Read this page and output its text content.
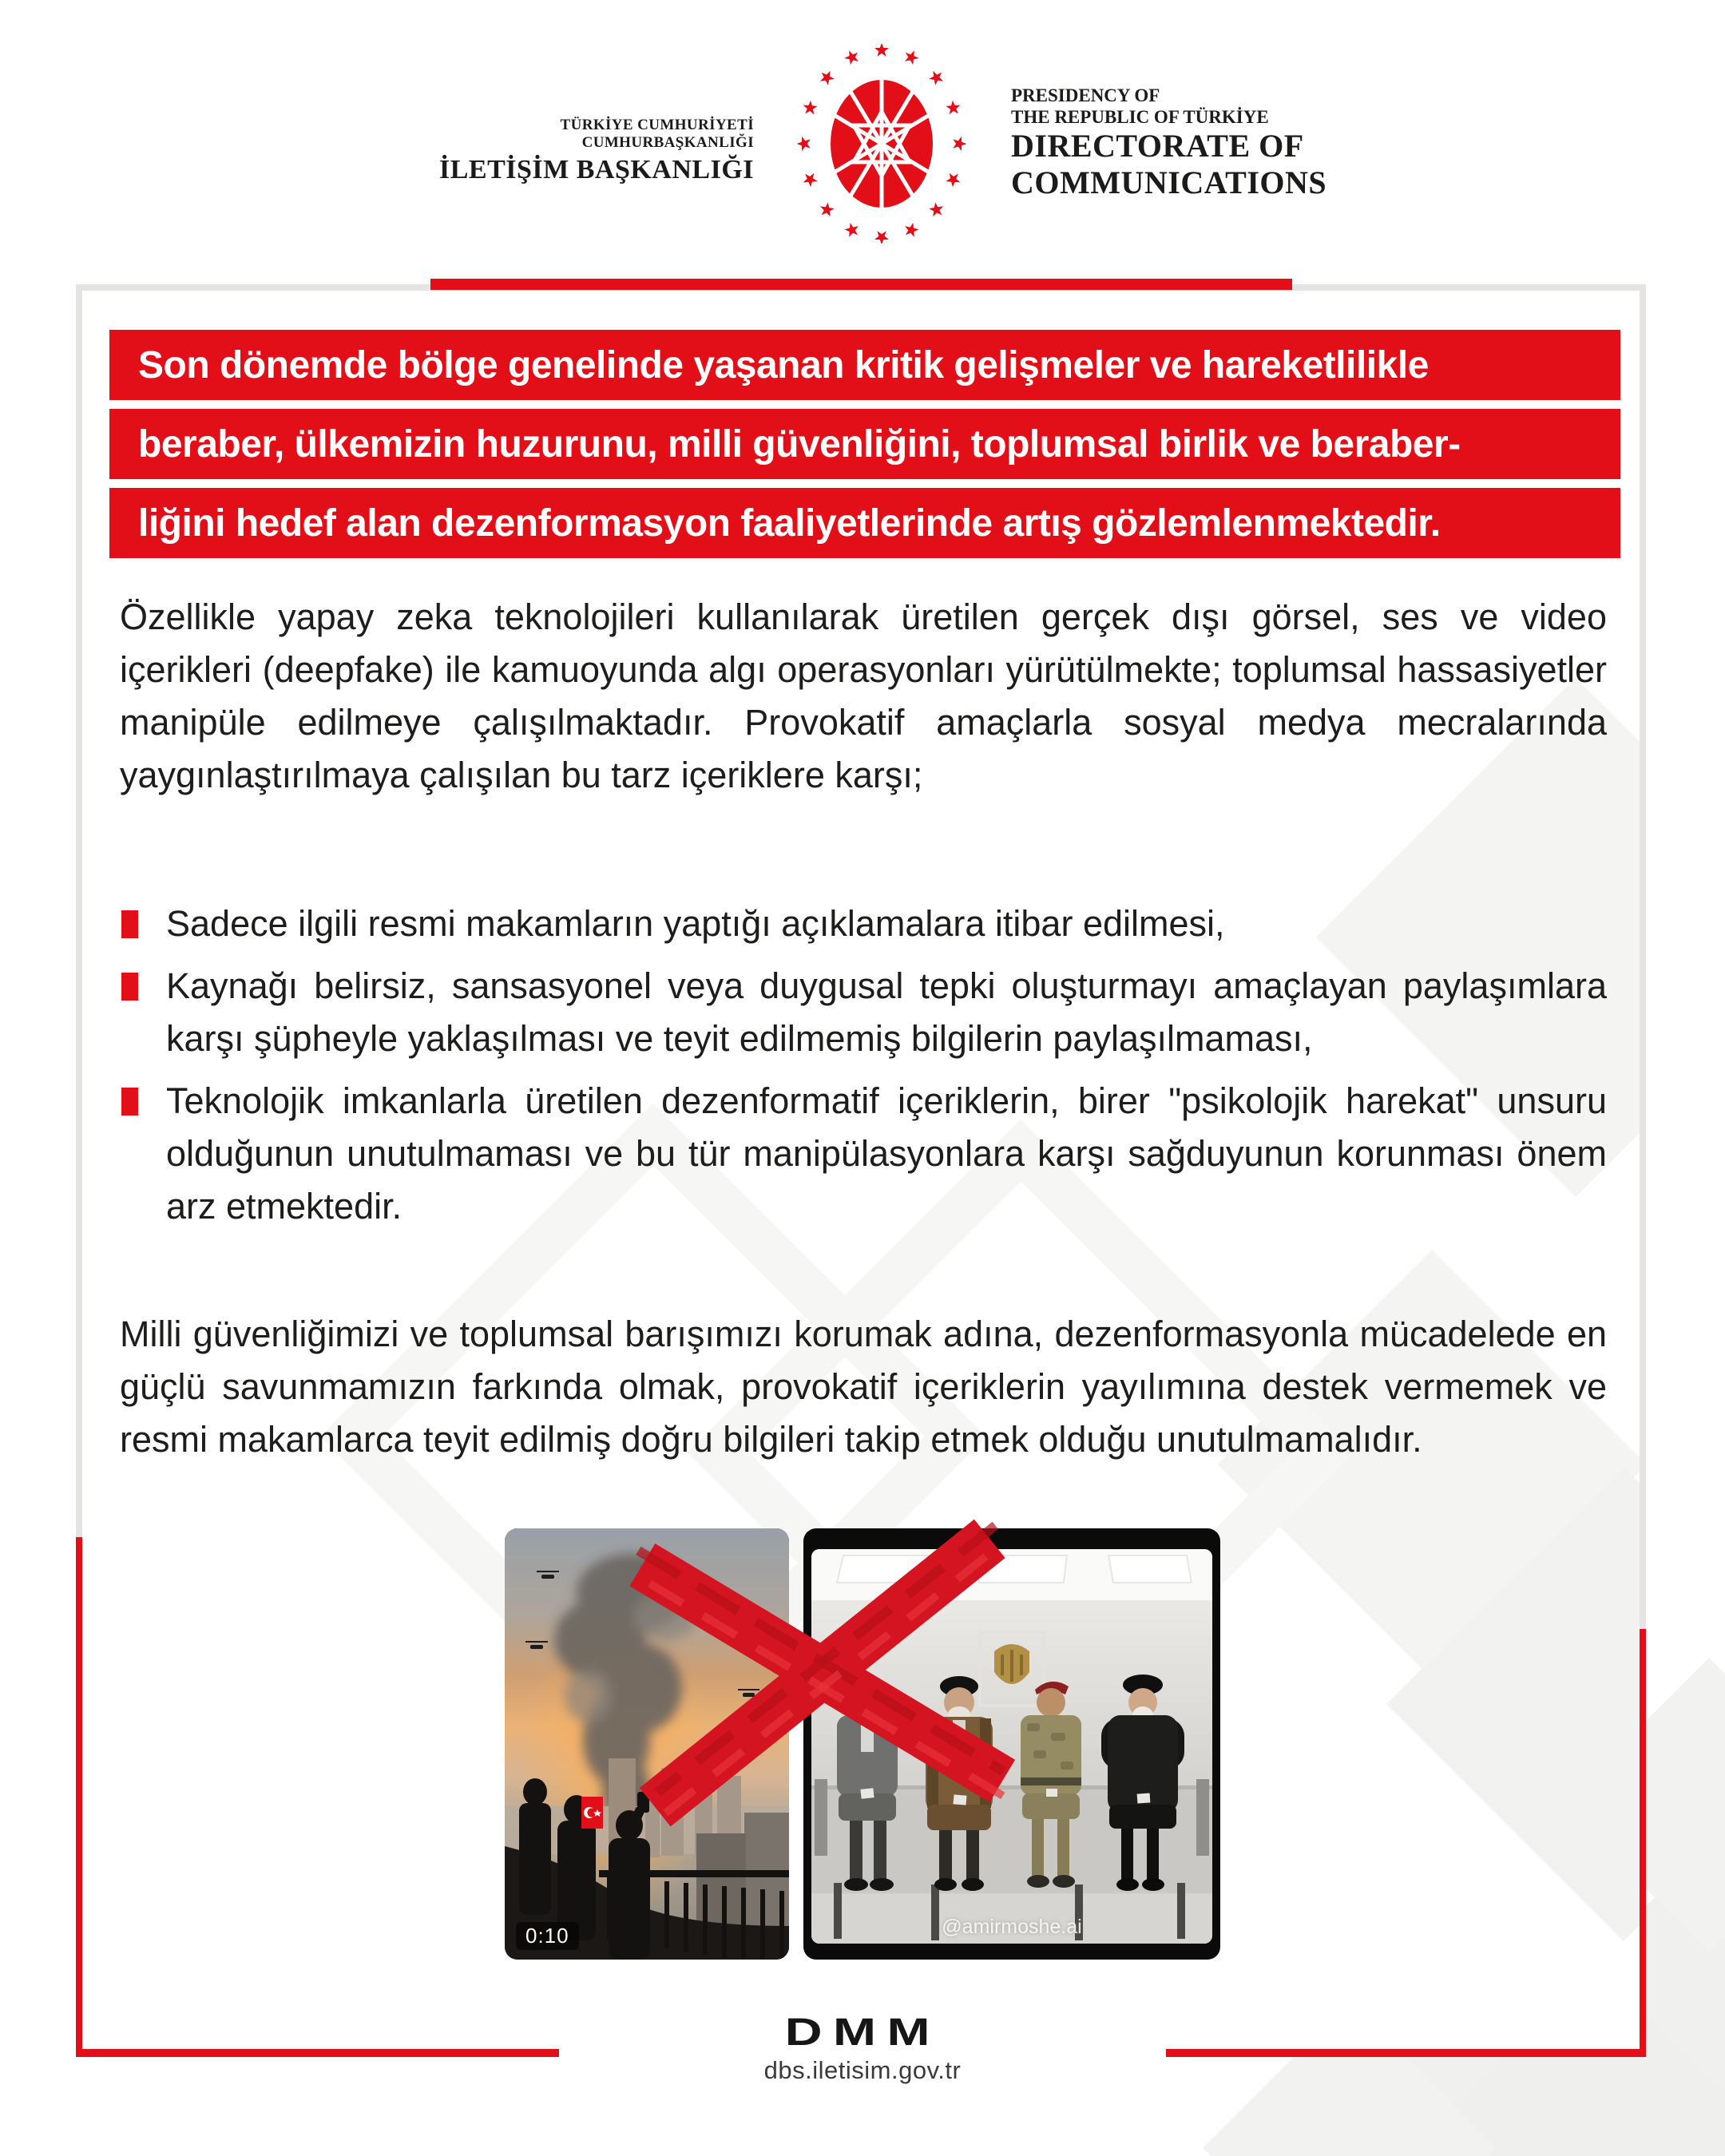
TÜRKİYE CUMHURİYETİ CUMHURBAŞKANLIĞI
İLETİŞİM BAŞKANLIĞI
PRESIDENCY OF
THE REPUBLIC OF TÜRKİYE
DIRECTORATE OF
COMMUNICATIONS
Son dönemde bölge genelinde yaşanan kritik gelişmeler ve hareketlilikle
beraber, ülkemizin huzurunu, milli güvenliğini, toplumsal birlik ve beraber-
liğini hedef alan dezenformasyon faaliyetlerinde artış gözlemlenmektedir.
Özellikle yapay zeka teknolojileri kullanılarak üretilen gerçek dışı görsel, ses ve video içerikleri (deepfake) ile kamuoyunda algı operasyonları yürütülmekte; toplumsal hassasiyetler manipüle edilmeye çalışılmaktadır. Provokatif amaçlarla sosyal medya mecralarında yaygınlaştırılmaya çalışılan bu tarz içeriklere karşı;
Sadece ilgili resmi makamların yaptığı açıklamalara itibar edilmesi,
Kaynağı belirsiz, sansasyonel veya duygusal tepki oluşturmayı amaçlayan paylaşımlara karşı şüpheyle yaklaşılması ve teyit edilmemiş bilgilerin paylaşılmaması,
Teknolojik imkanlarla üretilen dezenformatif içeriklerin, birer "psikolojik harekat" unsuru olduğunun unutulmaması ve bu tür manipülasyonlara karşı sağduyunun korunması önem arz etmektedir.
Milli güvenliğimizi ve toplumsal barışımızı korumak adına, dezenformasyonla mücadelede en güçlü savunmamızın farkında olmak, provokatif içeriklerin yayılımına destek vermemek ve resmi makamlarca teyit edilmiş doğru bilgileri takip etmek olduğu unutulmamalıdır.
0:10	@amirmoshe.ai
DMM
dbs.iletisim.gov.tr
